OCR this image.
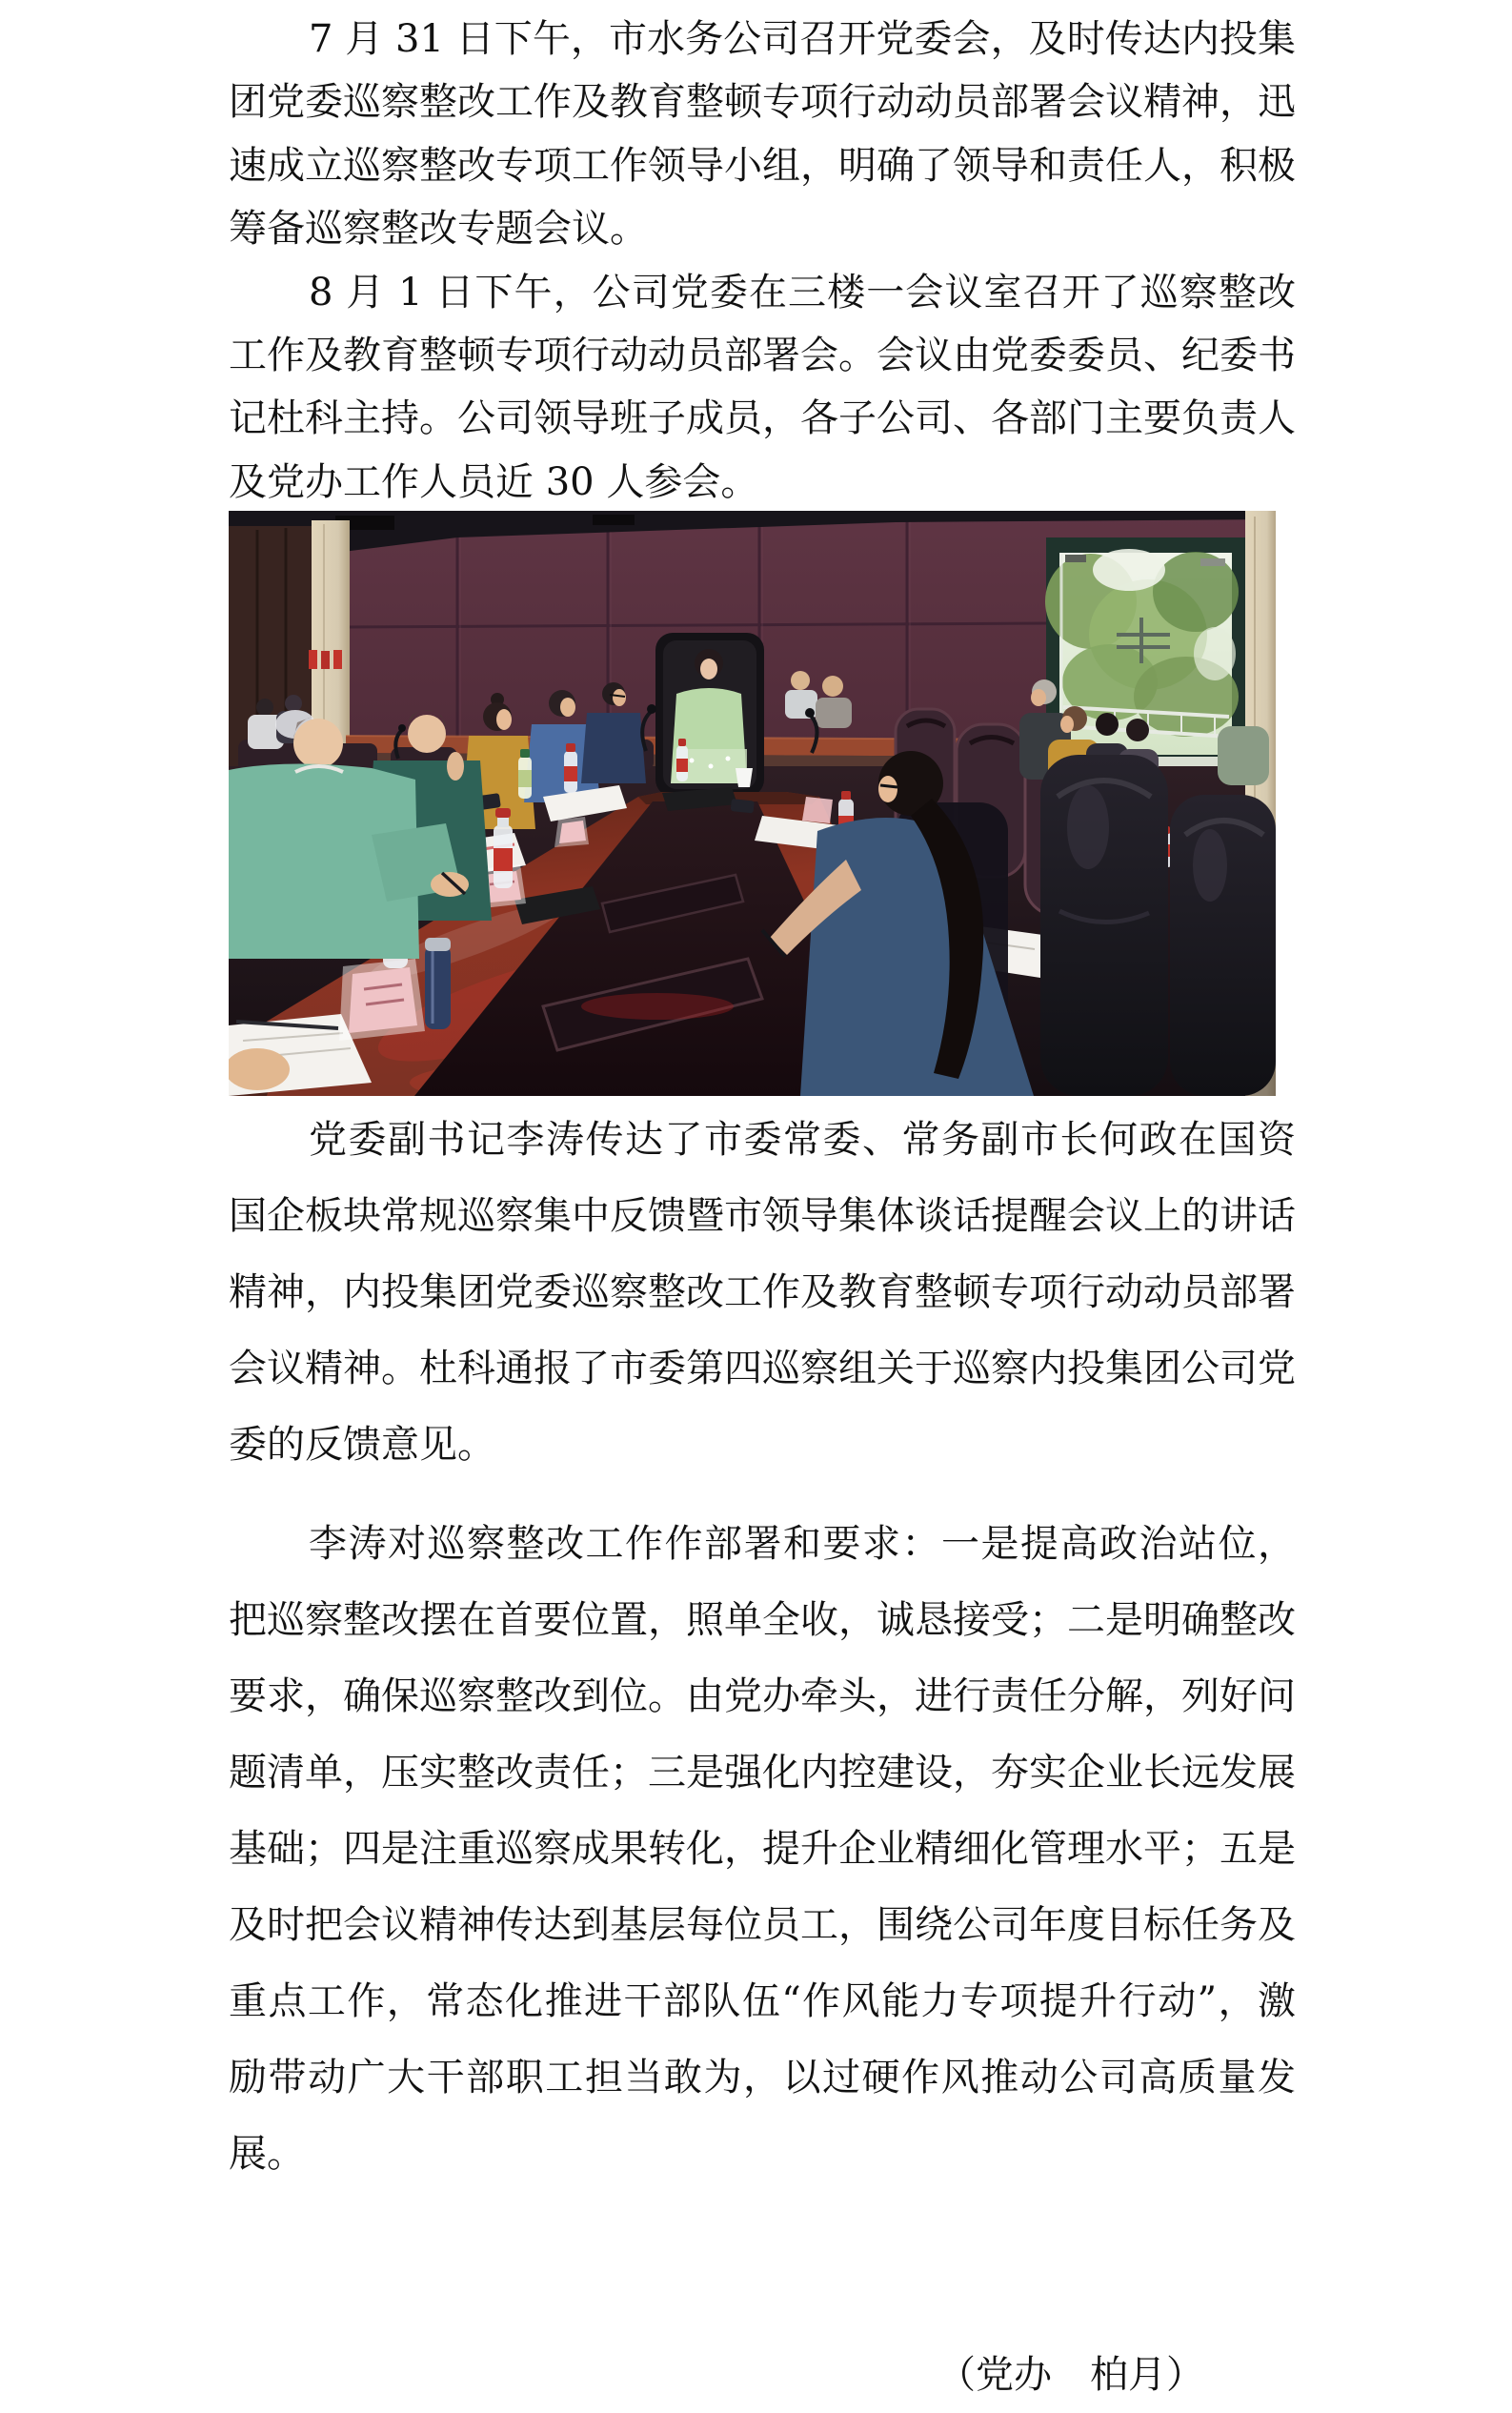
7 月 31 日下午，市水务公司召开党委会，及时传达内投集团党委巡察整改工作及教育整顿专项行动动员部署会议精神，迅速成立巡察整改专项工作领导小组，明确了领导和责任人，积极筹备巡察整改专题会议。

8 月 1 日下午，公司党委在三楼一会议室召开了巡察整改工作及教育整顿专项行动动员部署会。会议由党委委员、纪委书记杜科主持。公司领导班子成员，各子公司、各部门主要负责人及党办工作人员近 30 人参会。

党委副书记李涛传达了市委常委、常务副市长何政在国资国企板块常规巡察集中反馈暨市领导集体谈话提醒会议上的讲话精神，内投集团党委巡察整改工作及教育整顿专项行动动员部署会议精神。杜科通报了市委第四巡察组关于巡察内投集团公司党委的反馈意见。

李涛对巡察整改工作作部署和要求：一是提高政治站位，把巡察整改摆在首要位置，照单全收，诚恳接受；二是明确整改要求，确保巡察整改到位。由党办牵头，进行责任分解，列好问题清单，压实整改责任；三是强化内控建设，夯实企业长远发展基础；四是注重巡察成果转化，提升企业精细化管理水平；五是及时把会议精神传达到基层每位员工，围绕公司年度目标任务及重点工作，常态化推进干部队伍“作风能力专项提升行动”，激励带动广大干部职工担当敢为，以过硬作风推动公司高质量发展。

（党办　柏月）
